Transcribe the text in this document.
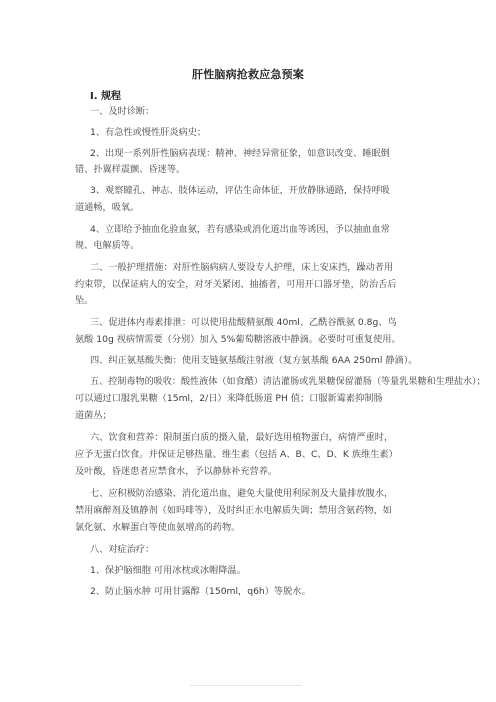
肝性脑病抢救应急预案
Ⅰ. 规程
一、及时诊断：
1、有急性或慢性肝炎病史；
2、出现一系列肝性脑病表现：精神、神经异常征象，如意识改变、睡眠倒
错、扑翼样震颤、昏迷等。
3、观察瞳孔、神志、肢体运动，评估生命体征，开放静脉通路，保持呼吸
道通畅，吸氧。
4、立即给予抽血化验血氨，若有感染或消化道出血等诱因，予以抽血血常
规、电解质等。
二、一般护理措施：对肝性脑病病人要设专人护理，床上安床挡，躁动者用
约束带，以保证病人的安全，对牙关紧闭、抽搐者，可用开口器牙垫，防治舌后
坠。
三、促进体内毒素排泄：可以使用盐酸精氨酸 40ml、乙酰谷酰氨 0.8g、鸟
氨酸 10g 视病情需要（分别）加入 5%葡萄糖溶液中静滴。必要时可重复使用。
四、纠正氨基酸失衡：使用支链氨基酸注射液（复方氨基酸 6AA 250ml 静滴）。
五、控制毒物的吸收：酸性液体（如食醋）清洁灌肠或乳果糖保留灌肠（等量乳果糖和生理盐水）；
可以通过口服乳果糖（15ml，2/日）来降低肠道 PH 值；口服新霉素抑制肠
道菌丛；
六、饮食和营养：限制蛋白质的摄入量，最好选用植物蛋白，病情严重时，
应予无蛋白饮食。并保证足够热量、维生素（包括 A、B、C、D、K 族维生素）
及叶酸，昏迷患者应禁食水，予以静脉补充营养。
七、应积极防治感染、消化道出血，避免大量使用利尿剂及大量排放腹水，
禁用麻醉剂及镇静剂（如吗啡等），及时纠正水电解质失调；禁用含氨药物，如
氯化氨、水解蛋白等使血氨增高的药物。
八、对症治疗：
1、保护脑细胞 可用冰枕或冰帽降温。
2、防止脑水肿 可用甘露醇（150ml，q6h）等脱水。
